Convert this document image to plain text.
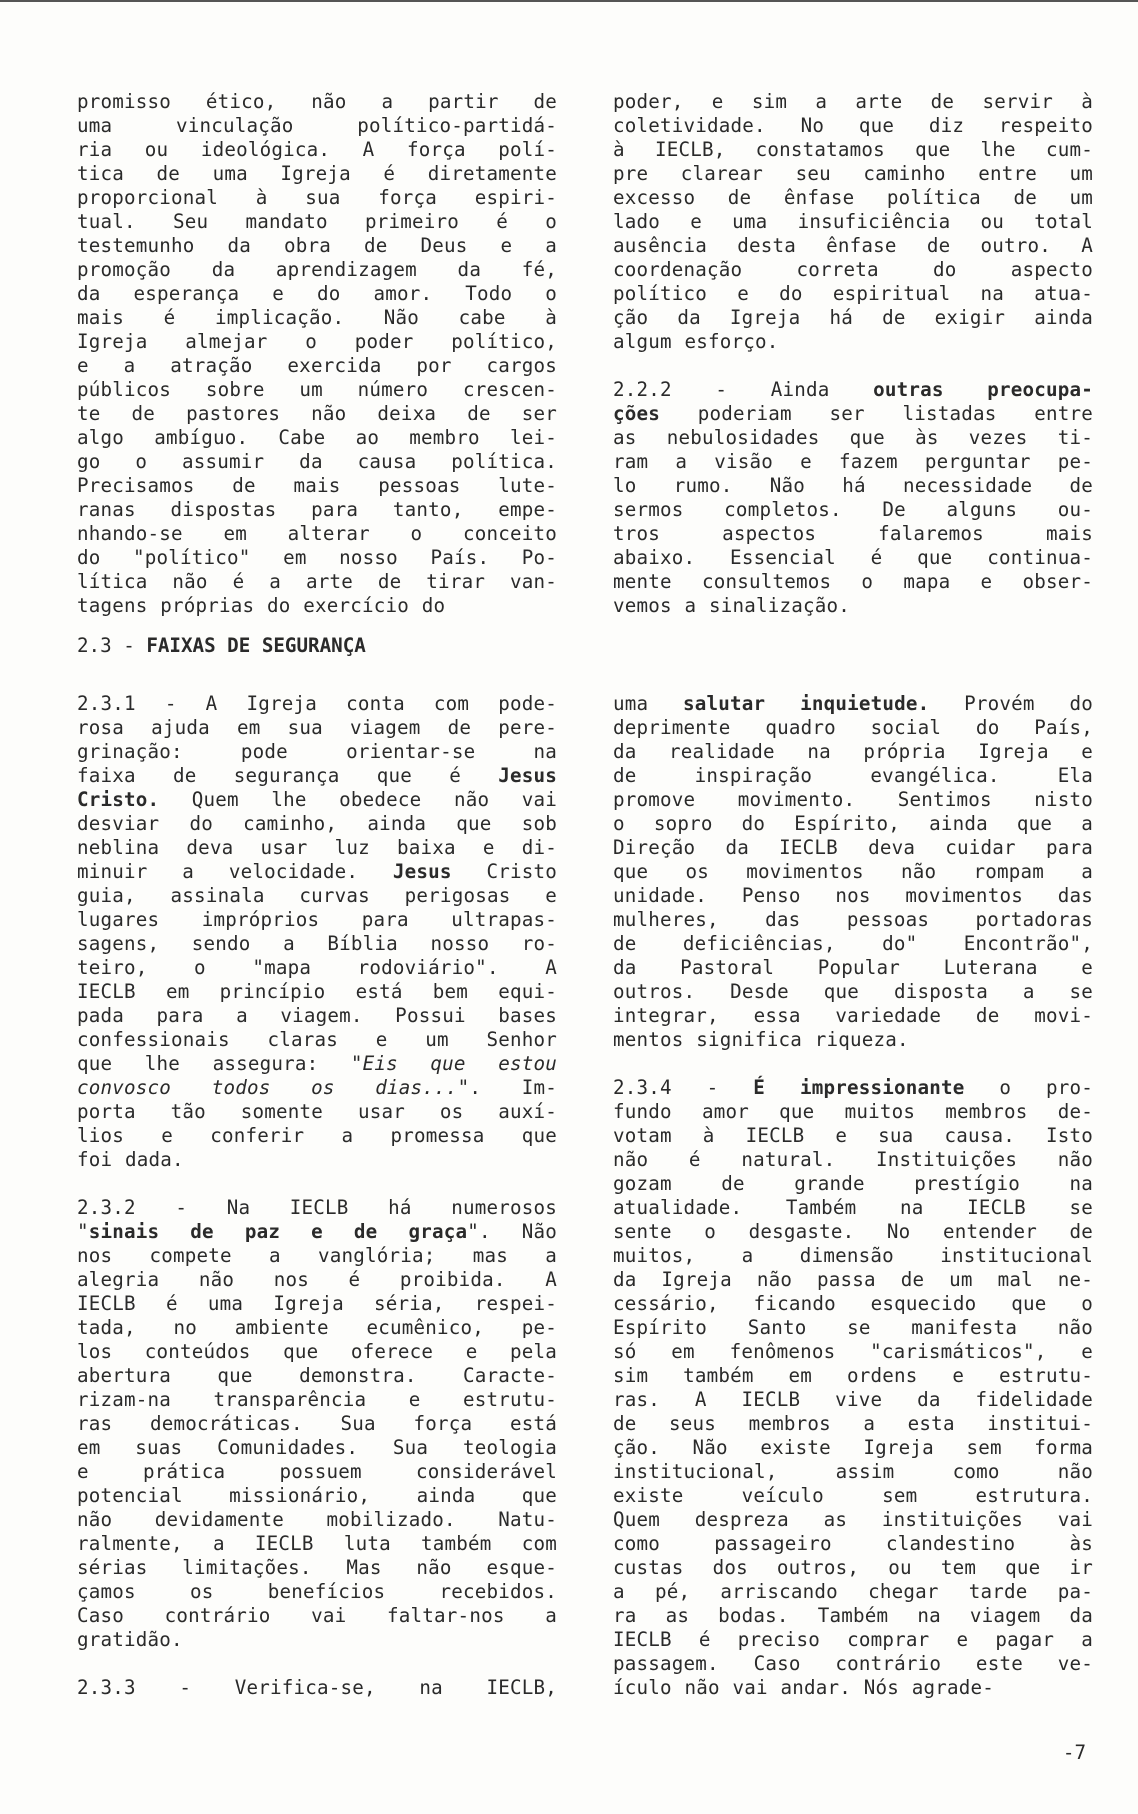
promisso ético, não a partir de
uma vinculação político-partidá-
ria ou ideológica. A força polí-
tica de uma Igreja é diretamente
proporcional à sua força espiri-
tual. Seu mandato primeiro é o
testemunho da obra de Deus e a
promoção da aprendizagem da fé,
da esperança e do amor. Todo o
mais é implicação. Não cabe à
Igreja almejar o poder político,
e a atração exercida por cargos
públicos sobre um número crescen-
te de pastores não deixa de ser
algo ambíguo. Cabe ao membro lei-
go o assumir da causa política.
Precisamos de mais pessoas lute-
ranas dispostas para tanto, empe-
nhando-se em alterar o conceito
do "político" em nosso País. Po-
lítica não é a arte de tirar van-
tagens próprias do exercício do
poder, e sim a arte de servir à
coletividade. No que diz respeito
à IECLB, constatamos que lhe cum-
pre clarear seu caminho entre um
excesso de ênfase política de um
lado e uma insuficiência ou total
ausência desta ênfase de outro. A
coordenação correta do aspecto
político e do espiritual na atua-
ção da Igreja há de exigir ainda
algum esforço.
2.2.2 - Ainda outras preocupa-
ções poderiam ser listadas entre
as nebulosidades que às vezes ti-
ram a visão e fazem perguntar pe-
lo rumo. Não há necessidade de
sermos completos. De alguns ou-
tros aspectos falaremos mais
abaixo. Essencial é que continua-
mente consultemos o mapa e obser-
vemos a sinalização.
2.3 - FAIXAS DE SEGURANÇA
2.3.1 - A Igreja conta com pode-
rosa ajuda em sua viagem de pere-
grinação: pode orientar-se na
faixa de segurança que é Jesus
Cristo. Quem lhe obedece não vai
desviar do caminho, ainda que sob
neblina deva usar luz baixa e di-
minuir a velocidade. Jesus Cristo
guia, assinala curvas perigosas e
lugares impróprios para ultrapas-
sagens, sendo a Bíblia nosso ro-
teiro, o "mapa rodoviário". A
IECLB em princípio está bem equi-
pada para a viagem. Possui bases
confessionais claras e um Senhor
que lhe assegura: "Eis que estou
convosco todos os dias...". Im-
porta tão somente usar os auxí-
lios e conferir a promessa que
foi dada.
2.3.2 - Na IECLB há numerosos
"sinais de paz e de graça". Não
nos compete a vanglória; mas a
alegria não nos é proibida. A
IECLB é uma Igreja séria, respei-
tada, no ambiente ecumênico, pe-
los conteúdos que oferece e pela
abertura que demonstra. Caracte-
rizam-na transparência e estrutu-
ras democráticas. Sua força está
em suas Comunidades. Sua teologia
e prática possuem considerável
potencial missionário, ainda que
não devidamente mobilizado. Natu-
ralmente, a IECLB luta também com
sérias limitações. Mas não esque-
çamos os benefícios recebidos.
Caso contrário vai faltar-nos a
gratidão.
2.3.3 - Verifica-se, na IECLB,
uma salutar inquietude. Provém do
deprimente quadro social do País,
da realidade na própria Igreja e
de inspiração evangélica. Ela
promove movimento. Sentimos nisto
o sopro do Espírito, ainda que a
Direção da IECLB deva cuidar para
que os movimentos não rompam a
unidade. Penso nos movimentos das
mulheres, das pessoas portadoras
de deficiências, do" Encontrão",
da Pastoral Popular Luterana e
outros. Desde que disposta a se
integrar, essa variedade de movi-
mentos significa riqueza.
2.3.4 - É impressionante o pro-
fundo amor que muitos membros de-
votam à IECLB e sua causa. Isto
não é natural. Instituições não
gozam de grande prestígio na
atualidade. Também na IECLB se
sente o desgaste. No entender de
muitos, a dimensão institucional
da Igreja não passa de um mal ne-
cessário, ficando esquecido que o
Espírito Santo se manifesta não
só em fenômenos "carismáticos", e
sim também em ordens e estrutu-
ras. A IECLB vive da fidelidade
de seus membros a esta institui-
ção. Não existe Igreja sem forma
institucional, assim como não
existe veículo sem estrutura.
Quem despreza as instituições vai
como passageiro clandestino às
custas dos outros, ou tem que ir
a pé, arriscando chegar tarde pa-
ra as bodas. Também na viagem da
IECLB é preciso comprar e pagar a
passagem. Caso contrário este ve-
ículo não vai andar. Nós agrade-
-7
